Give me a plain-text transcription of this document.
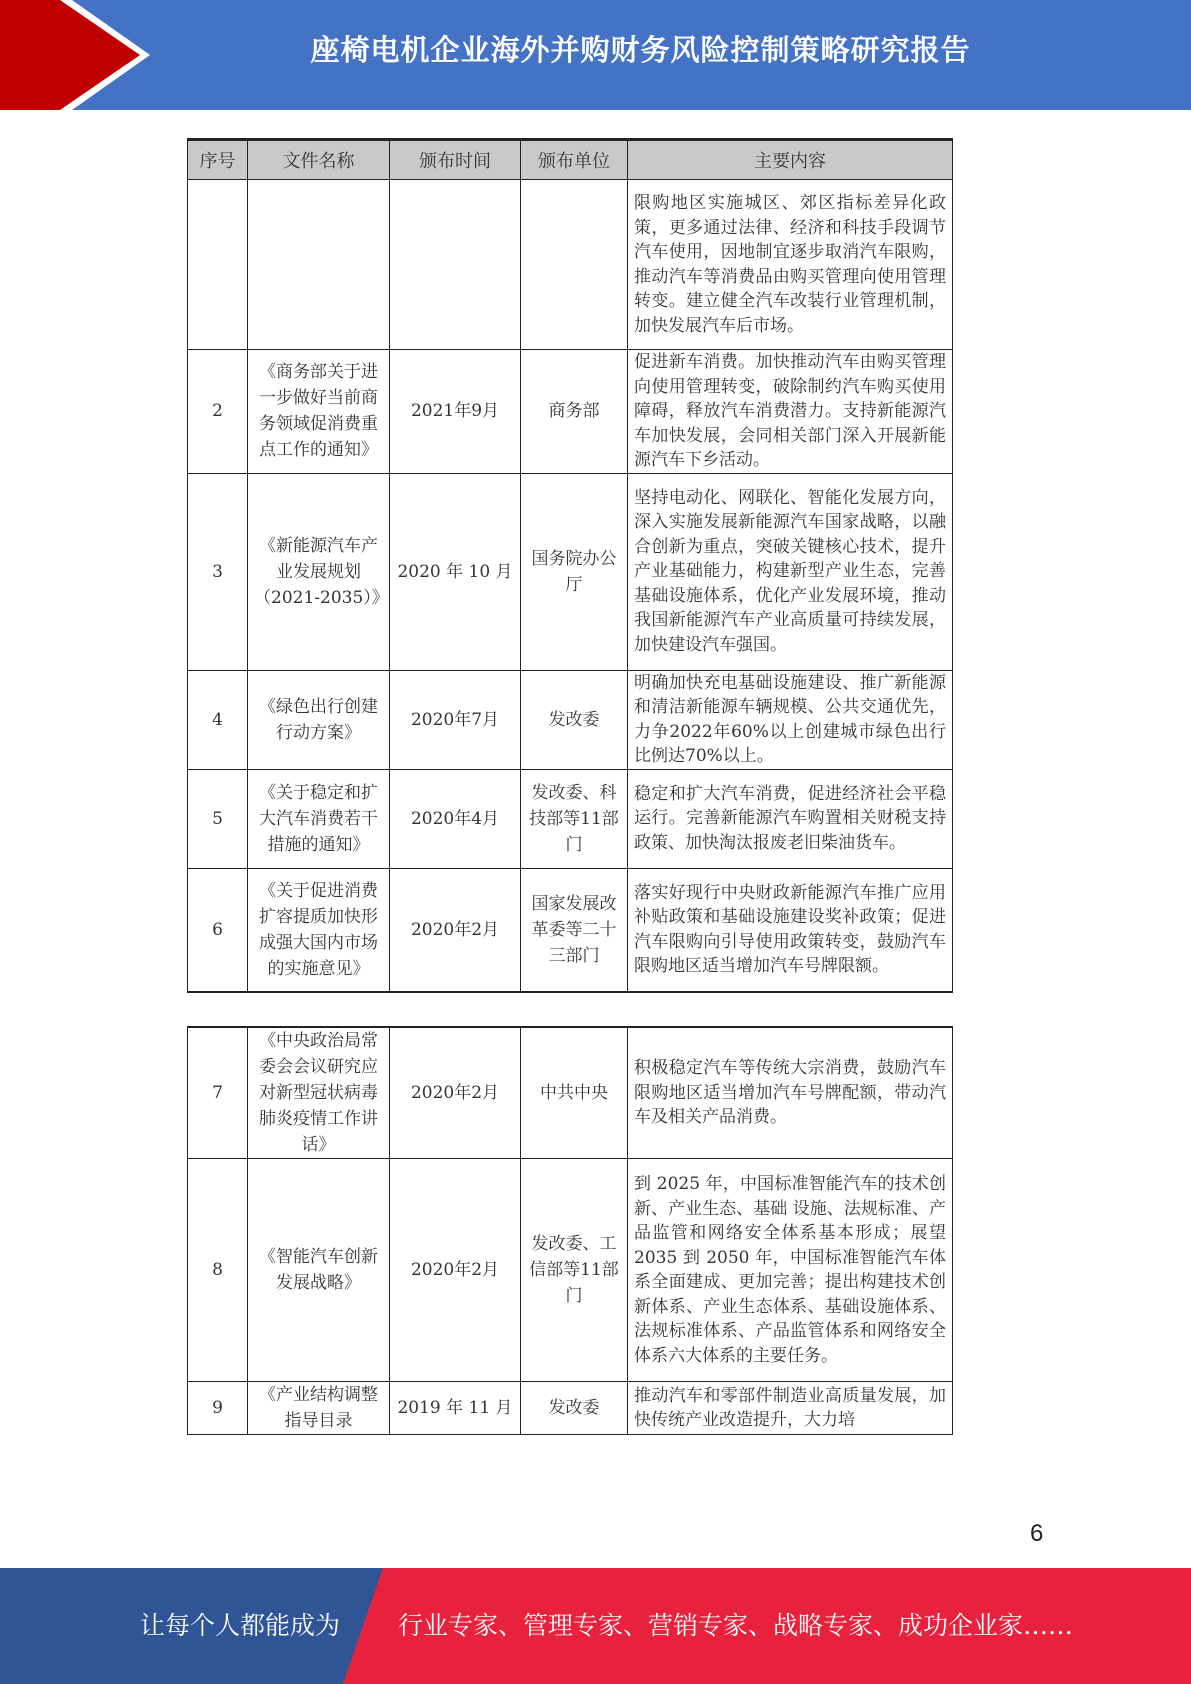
座椅电机企业海外并购财务风险控制策略研究报告
序号	文件名称	颁布时间	颁布单位	主要内容
				限购地区实施城区、郊区指标差异化政策，更多通过法律、经济和科技手段调节汽车使用，因地制宜逐步取消汽车限购，推动汽车等消费品由购买管理向使用管理转变。建立健全汽车改装行业管理机制，加快发展汽车后市场。
2	《商务部关于进一步做好当前商务领域促消费重点工作的通知》	2021年9月	商务部	促进新车消费。加快推动汽车由购买管理向使用管理转变，破除制约汽车购买使用障碍，释放汽车消费潜力。支持新能源汽车加快发展，会同相关部门深入开展新能源汽车下乡活动。
3	《新能源汽车产业发展规划（2021-2035）》	2020 年 10 月	国务院办公厅	坚持电动化、网联化、智能化发展方向，深入实施发展新能源汽车国家战略，以融合创新为重点，突破关键核心技术，提升产业基础能力，构建新型产业生态，完善基础设施体系，优化产业发展环境，推动我国新能源汽车产业高质量可持续发展，加快建设汽车强国。
4	《绿色出行创建行动方案》	2020年7月	发改委	明确加快充电基础设施建设、推广新能源和清洁新能源车辆规模、公共交通优先，力争2022年60%以上创建城市绿色出行比例达70%以上。
5	《关于稳定和扩大汽车消费若干措施的通知》	2020年4月	发改委、科技部等11部门	稳定和扩大汽车消费，促进经济社会平稳运行。完善新能源汽车购置相关财税支持政策、加快淘汰报废老旧柴油货车。
6	《关于促进消费扩容提质加快形成强大国内市场的实施意见》	2020年2月	国家发展改革委等二十三部门	落实好现行中央财政新能源汽车推广应用补贴政策和基础设施建设奖补政策；促进汽车限购向引导使用政策转变，鼓励汽车限购地区适当增加汽车号牌限额。
7	《中央政治局常委会会议研究应对新型冠状病毒肺炎疫情工作讲话》	2020年2月	中共中央	积极稳定汽车等传统大宗消费，鼓励汽车限购地区适当增加汽车号牌配额，带动汽车及相关产品消费。
8	《智能汽车创新发展战略》	2020年2月	发改委、工信部等11部门	到 2025 年，中国标准智能汽车的技术创新、产业生态、基础 设施、法规标准、产品监管和网络安全体系基本形成；展望 2035 到 2050 年，中国标准智能汽车体系全面建成、更加完善；提出构建技术创新体系、产业生态体系、基础设施体系、法规标准体系、产品监管体系和网络安全体系六大体系的主要任务。
9	《产业结构调整指导目录	2019 年 11 月	发改委	推动汽车和零部件制造业高质量发展，加快传统产业改造提升，大力培
6
让每个人都能成为 行业专家、管理专家、营销专家、战略专家、成功企业家……
